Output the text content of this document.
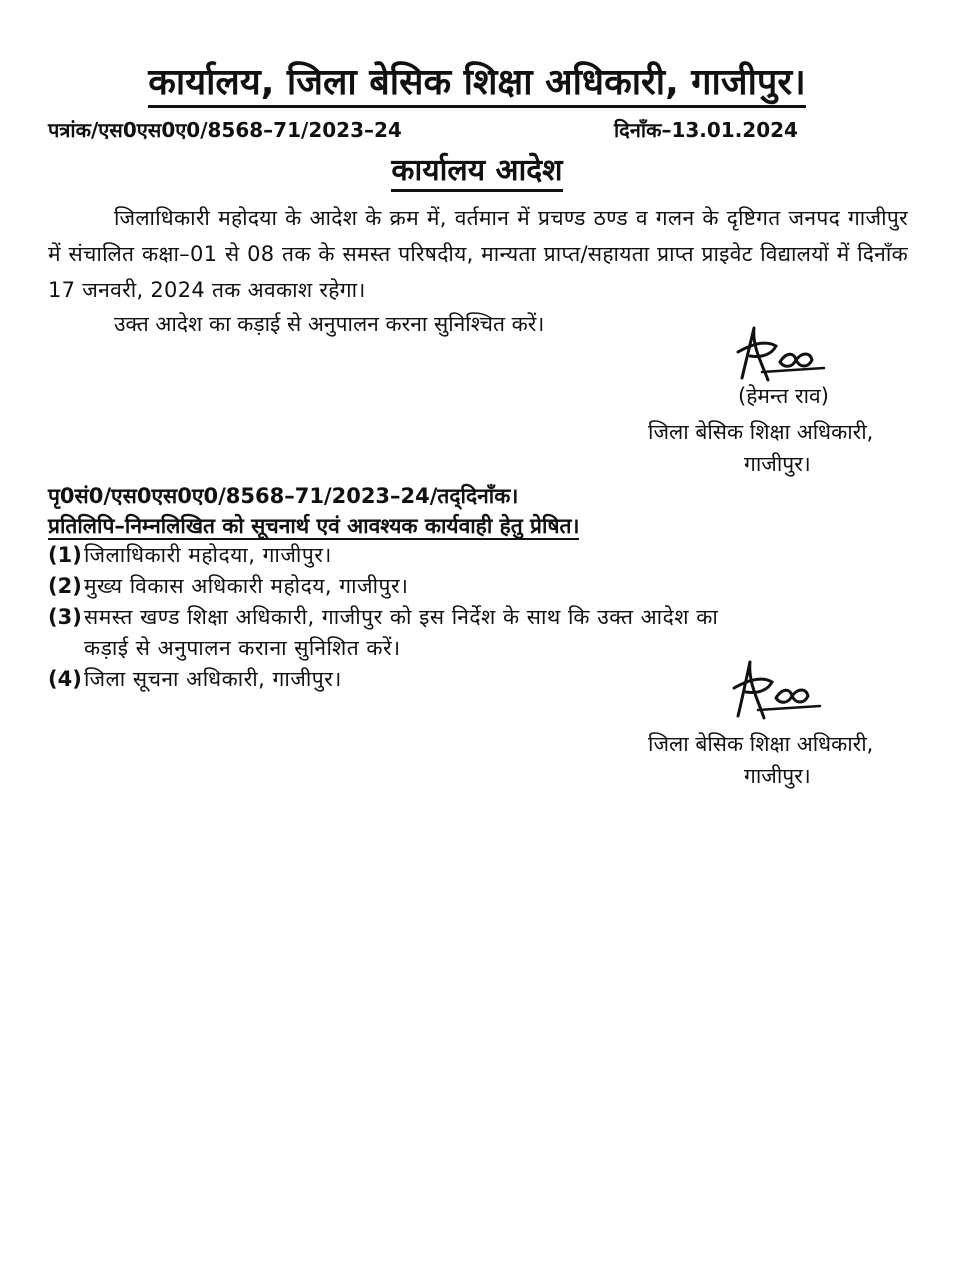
कार्यालय, जिला बेसिक शिक्षा अधिकारी, गाजीपुर।
पत्रांक/एस0एस0ए0/8568–71/2023–24	दिनाँक–13.01.2024
कार्यालय आदेश
जिलाधिकारी महोदया के आदेश के क्रम में, वर्तमान में प्रचण्ड ठण्ड व गलन के दृष्टिगत जनपद गाजीपुर में संचालित कक्षा–01 से 08 तक के समस्त परिषदीय, मान्यता प्राप्त/सहायता प्राप्त प्राइवेट विद्यालयों में दिनाँक 17 जनवरी, 2024 तक अवकाश रहेगा।
उक्त आदेश का कड़ाई से अनुपालन करना सुनिश्चित करें।
(हेमन्त राव)
जिला बेसिक शिक्षा अधिकारी,
गाजीपुर।
पृ0सं0/एस0एस0ए0/8568–71/2023–24/तद्‌दिनाँक।
प्रतिलिपि–निम्नलिखित को सूचनार्थ एवं आवश्यक कार्यवाही हेतु प्रेषित।
(1) जिलाधिकारी महोदया, गाजीपुर।
(2) मुख्य विकास अधिकारी महोदय, गाजीपुर।
(3) समस्त खण्ड शिक्षा अधिकारी, गाजीपुर को इस निर्देश के साथ कि उक्त आदेश का कड़ाई से अनुपालन कराना सुनिशित करें।
(4) जिला सूचना अधिकारी, गाजीपुर।
जिला बेसिक शिक्षा अधिकारी,
गाजीपुर।
